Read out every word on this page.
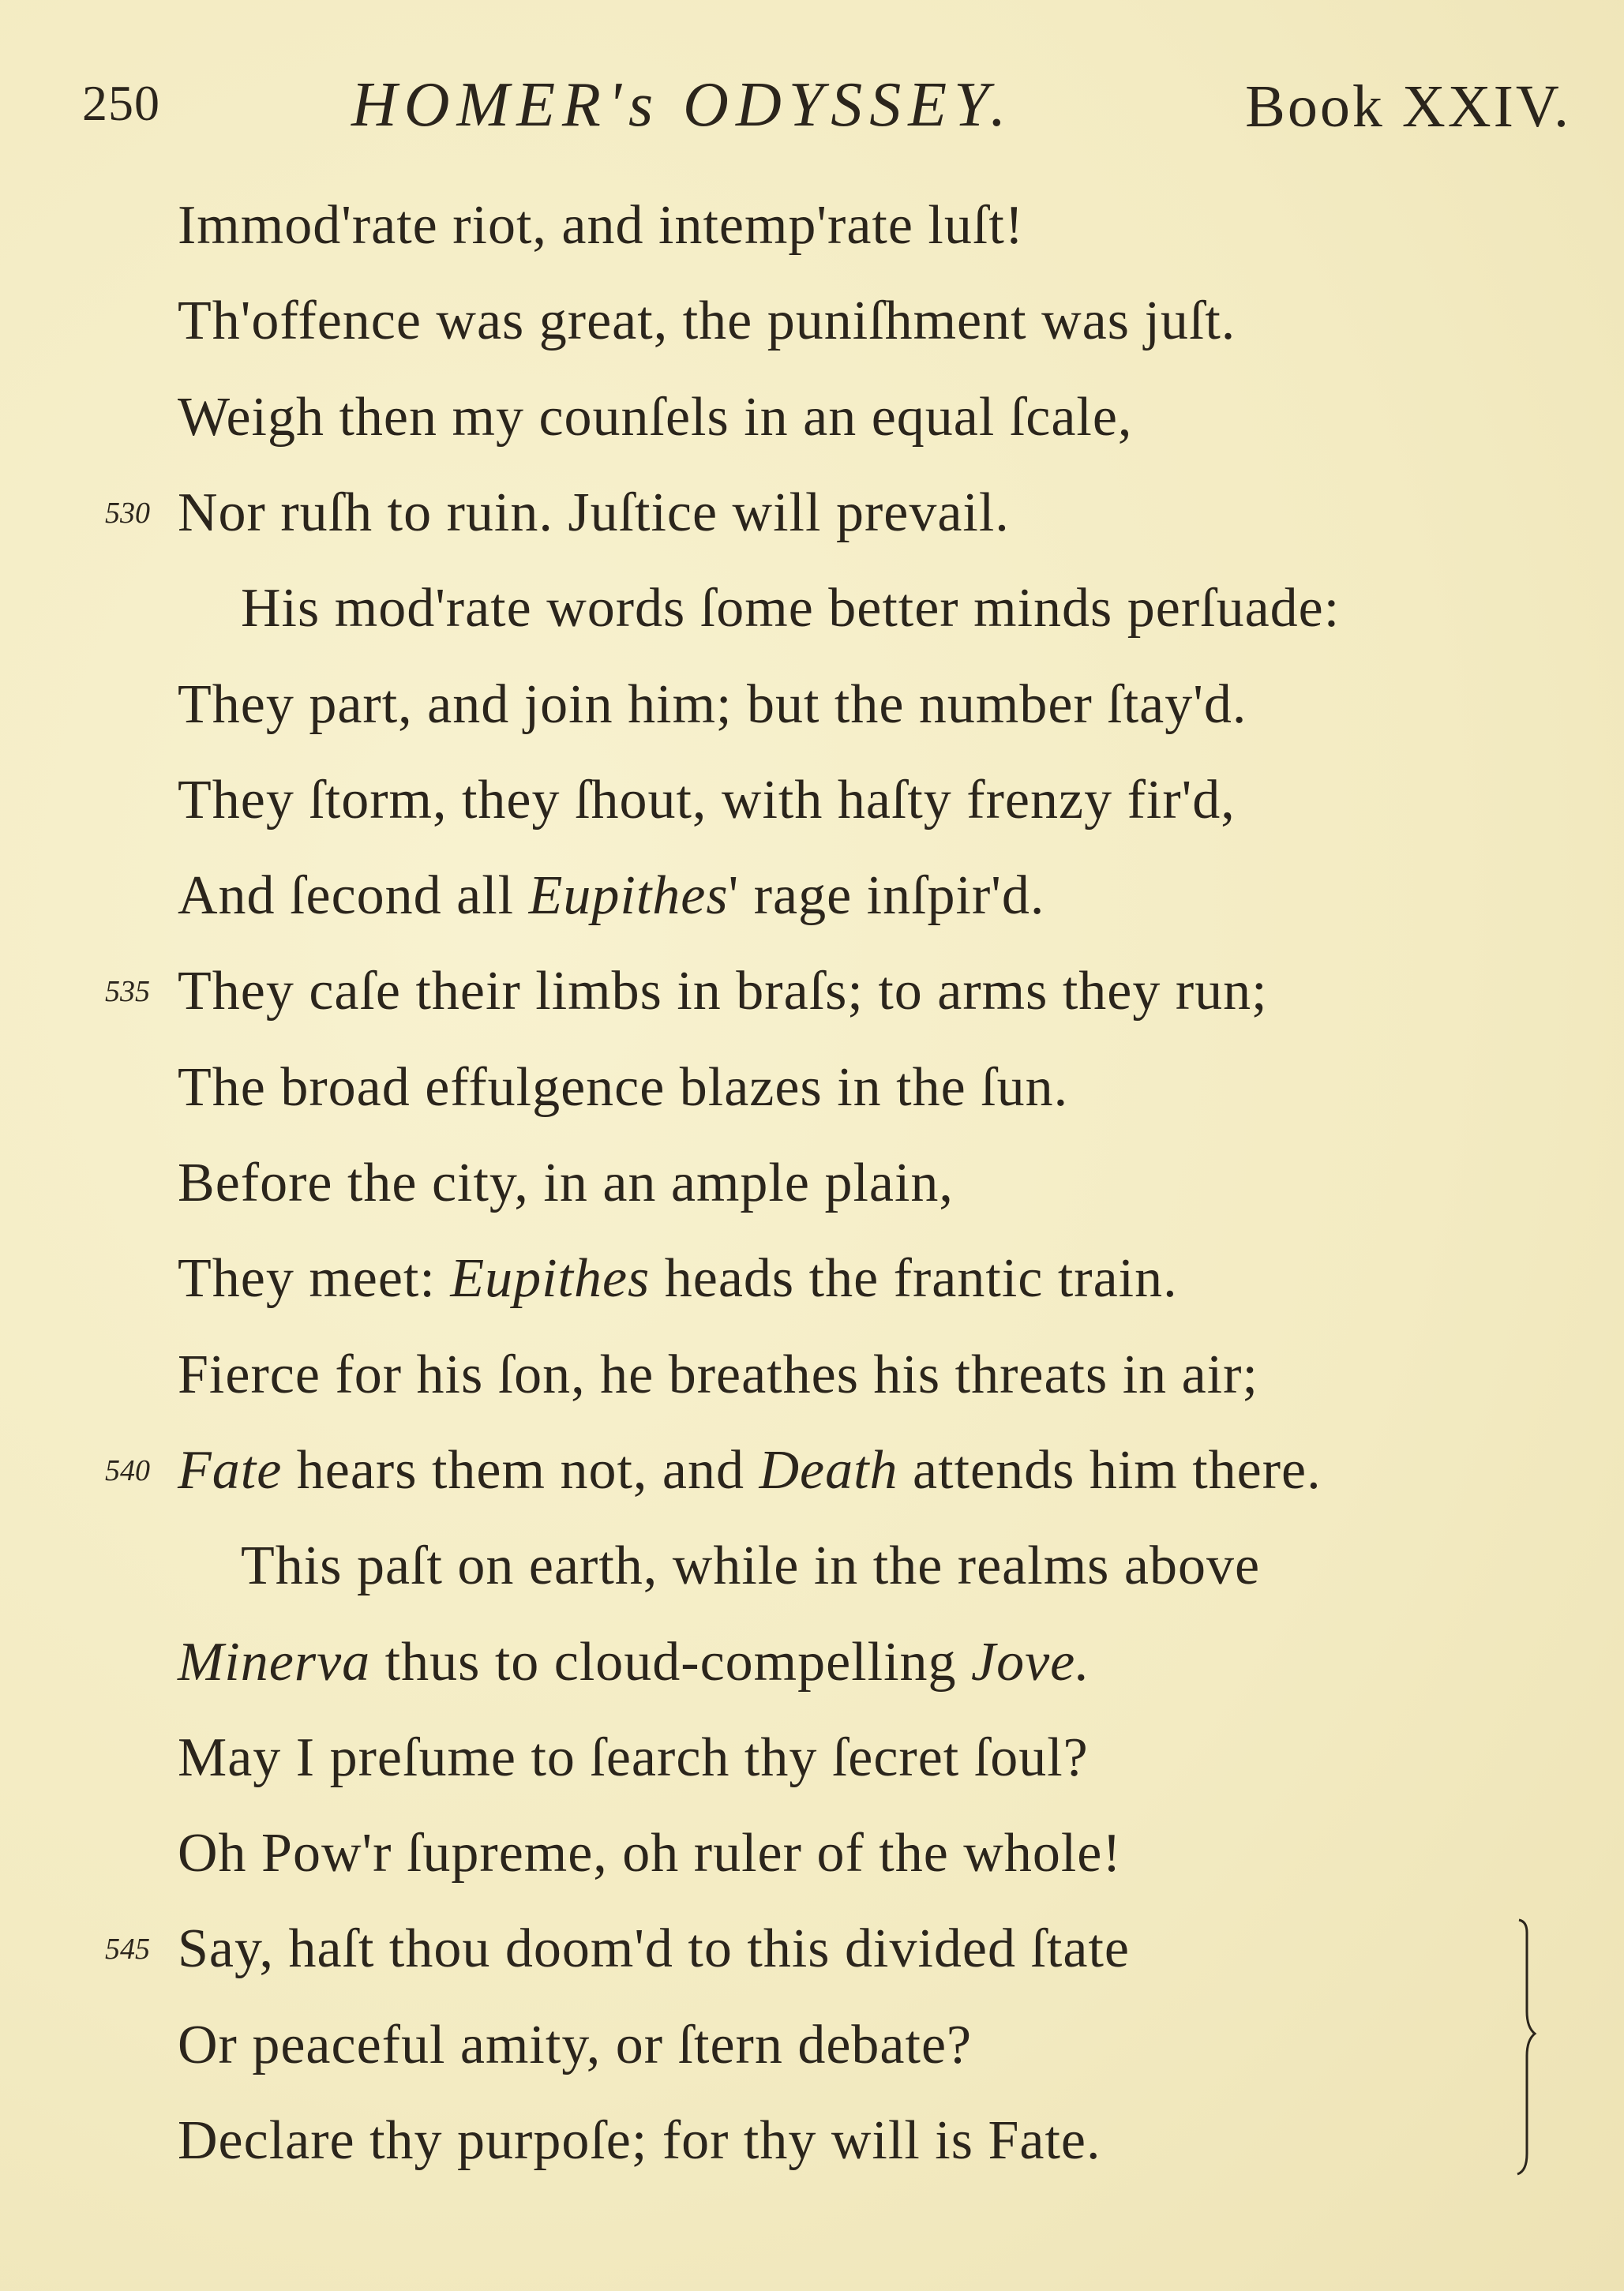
250	HOMER's ODYSSEY.	Book XXIV.
Immod'rate riot, and intemp'rate luſt!
Th'offence was great, the puniſhment was juſt.
Weigh then my counſels in an equal ſcale,
530 Nor ruſh to ruin. Juſtice will prevail.
His mod'rate words ſome better minds perſuade:
They part, and join him; but the number ſtay'd.
They ſtorm, they ſhout, with haſty frenzy fir'd,
And ſecond all Eupithes' rage inſpir'd.
535 They caſe their limbs in braſs; to arms they run;
The broad effulgence blazes in the ſun.
Before the city, in an ample plain,
They meet: Eupithes heads the frantic train.
Fierce for his ſon, he breathes his threats in air;
540 Fate hears them not, and Death attends him there.
This paſt on earth, while in the realms above
Minerva thus to cloud-compelling Jove.
May I preſume to ſearch thy ſecret ſoul?
Oh Pow'r ſupreme, oh ruler of the whole!
545 Say, haſt thou doom'd to this divided ſtate
Or peaceful amity, or ſtern debate?
Declare thy purpoſe; for thy will is Fate.
